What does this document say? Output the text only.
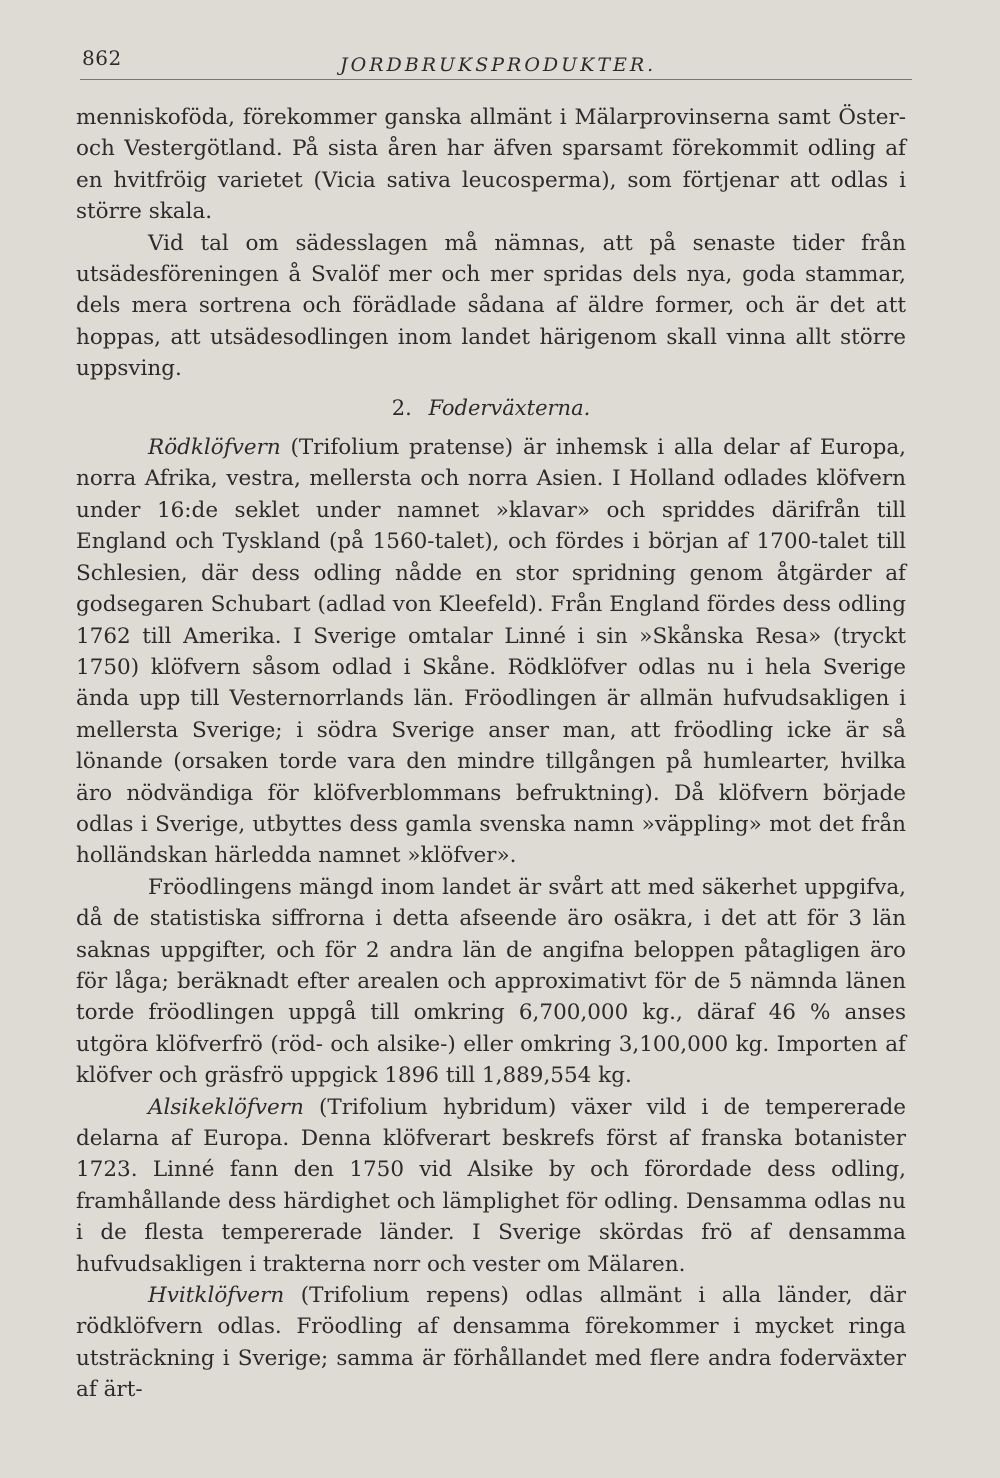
862	JORDBRUKSPRODUKTER.

menniskoföda, förekommer ganska allmänt i Mälarprovinserna samt Öster- och Vestergötland. På sista åren har äfven sparsamt förekommit odling af en hvitfröig varietet (Vicia sativa leucosperma), som förtjenar att odlas i större skala.

Vid tal om sädesslagen må nämnas, att på senaste tider från utsädesföreningen å Svalöf mer och mer spridas dels nya, goda stammar, dels mera sortrena och förädlade sådana af äldre former, och är det att hoppas, att utsädesodlingen inom landet härigenom skall vinna allt större uppsving.

2. Foderväxterna.

Rödklöfvern (Trifolium pratense) är inhemsk i alla delar af Europa, norra Afrika, vestra, mellersta och norra Asien. I Holland odlades klöfvern under 16:de seklet under namnet »klavar» och spriddes därifrån till England och Tyskland (på 1560-talet), och fördes i början af 1700-talet till Schlesien, där dess odling nådde en stor spridning genom åtgärder af godsegaren Schubart (adlad von Kleefeld). Från England fördes dess odling 1762 till Amerika. I Sverige omtalar Linné i sin »Skånska Resa» (tryckt 1750) klöfvern såsom odlad i Skåne. Rödklöfver odlas nu i hela Sverige ända upp till Vesternorrlands län. Fröodlingen är allmän hufvudsakligen i mellersta Sverige; i södra Sverige anser man, att fröodling icke är så lönande (orsaken torde vara den mindre tillgången på humlearter, hvilka äro nödvändiga för klöfverblommans befruktning). Då klöfvern började odlas i Sverige, utbyttes dess gamla svenska namn »väppling» mot det från holländskan härledda namnet »klöfver».

Fröodlingens mängd inom landet är svårt att med säkerhet uppgifva, då de statistiska siffrorna i detta afseende äro osäkra, i det att för 3 län saknas uppgifter, och för 2 andra län de angifna beloppen påtagligen äro för låga; beräknadt efter arealen och approximativt för de 5 nämnda länen torde fröodlingen uppgå till omkring 6,700,000 kg., däraf 46 % anses utgöra klöfverfrö (röd- och alsike-) eller omkring 3,100,000 kg. Importen af klöfver och gräsfrö uppgick 1896 till 1,889,554 kg.

Alsikeklöfvern (Trifolium hybridum) växer vild i de tempererade delarna af Europa. Denna klöfverart beskrefs först af franska botanister 1723. Linné fann den 1750 vid Alsike by och förordade dess odling, framhållande dess härdighet och lämplighet för odling. Densamma odlas nu i de flesta tempererade länder. I Sverige skördas frö af densamma hufvudsakligen i trakterna norr och vester om Mälaren.

Hvitklöfvern (Trifolium repens) odlas allmänt i alla länder, där rödklöfvern odlas. Fröodling af densamma förekommer i mycket ringa utsträckning i Sverige; samma är förhållandet med flere andra foderväxter af ärt-
